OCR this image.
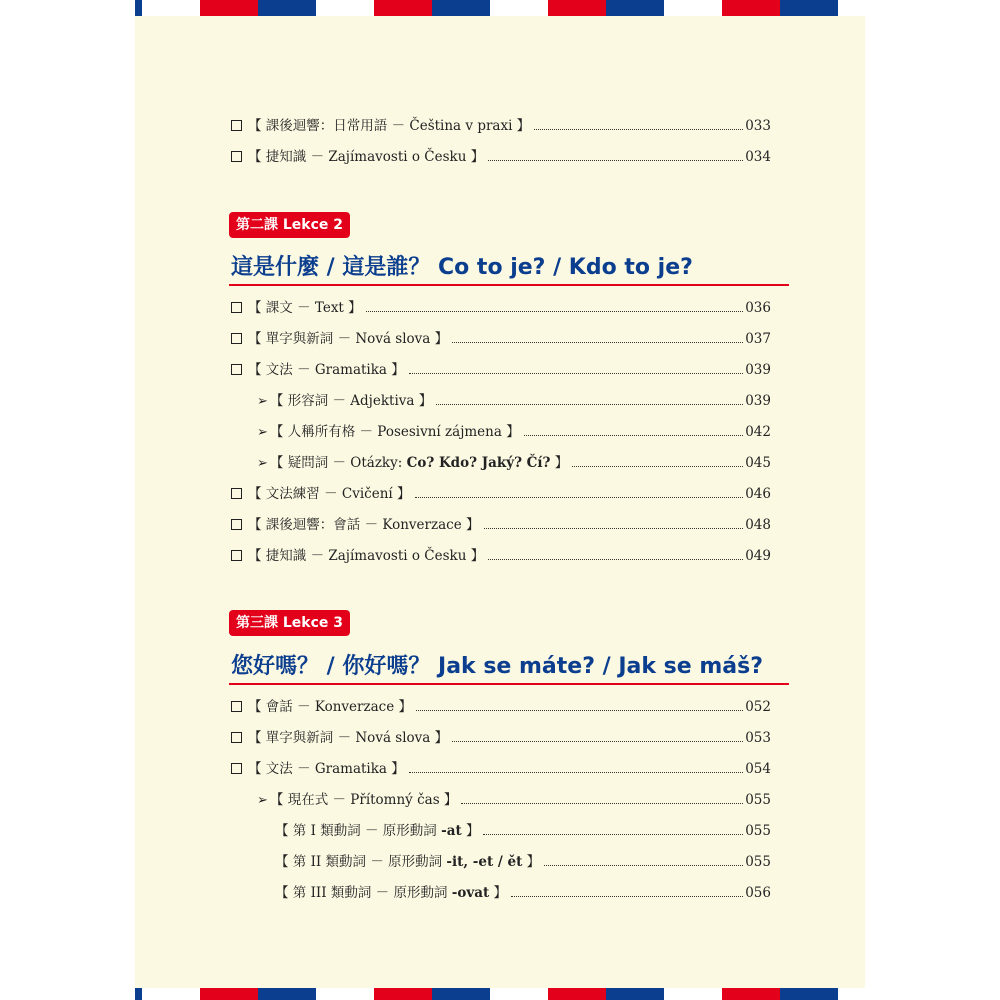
【 課後迴響：日常用語 － Čeština v praxi 】	033
【 捷知識 － Zajímavosti o Česku 】	034
第二課 Lekce 2
這是什麼 / 這是誰？ Co to je? / Kdo to je?
【 課文 － Text 】	036
【 單字與新詞 － Nová slova 】	037
【 文法 － Gramatika 】	039
➢ 【 形容詞 － Adjektiva 】	039
➢ 【 人稱所有格 － Posesivní zájmena 】	042
➢ 【 疑問詞 － Otázky: Co? Kdo? Jaký? Čí? 】	045
【 文法練習 － Cvičení 】	046
【 課後迴響：會話 － Konverzace 】	048
【 捷知識 － Zajímavosti o Česku 】	049
第三課 Lekce 3
您好嗎？ / 你好嗎？ Jak se máte? / Jak se máš?
【 會話 － Konverzace 】	052
【 單字與新詞 － Nová slova 】	053
【 文法 － Gramatika 】	054
➢ 【 現在式 － Přítomný čas 】	055
【 第 I 類動詞 － 原形動詞 -at 】	055
【 第 II 類動詞 － 原形動詞 -it, -et / ět 】	055
【 第 III 類動詞 － 原形動詞 -ovat 】	056
